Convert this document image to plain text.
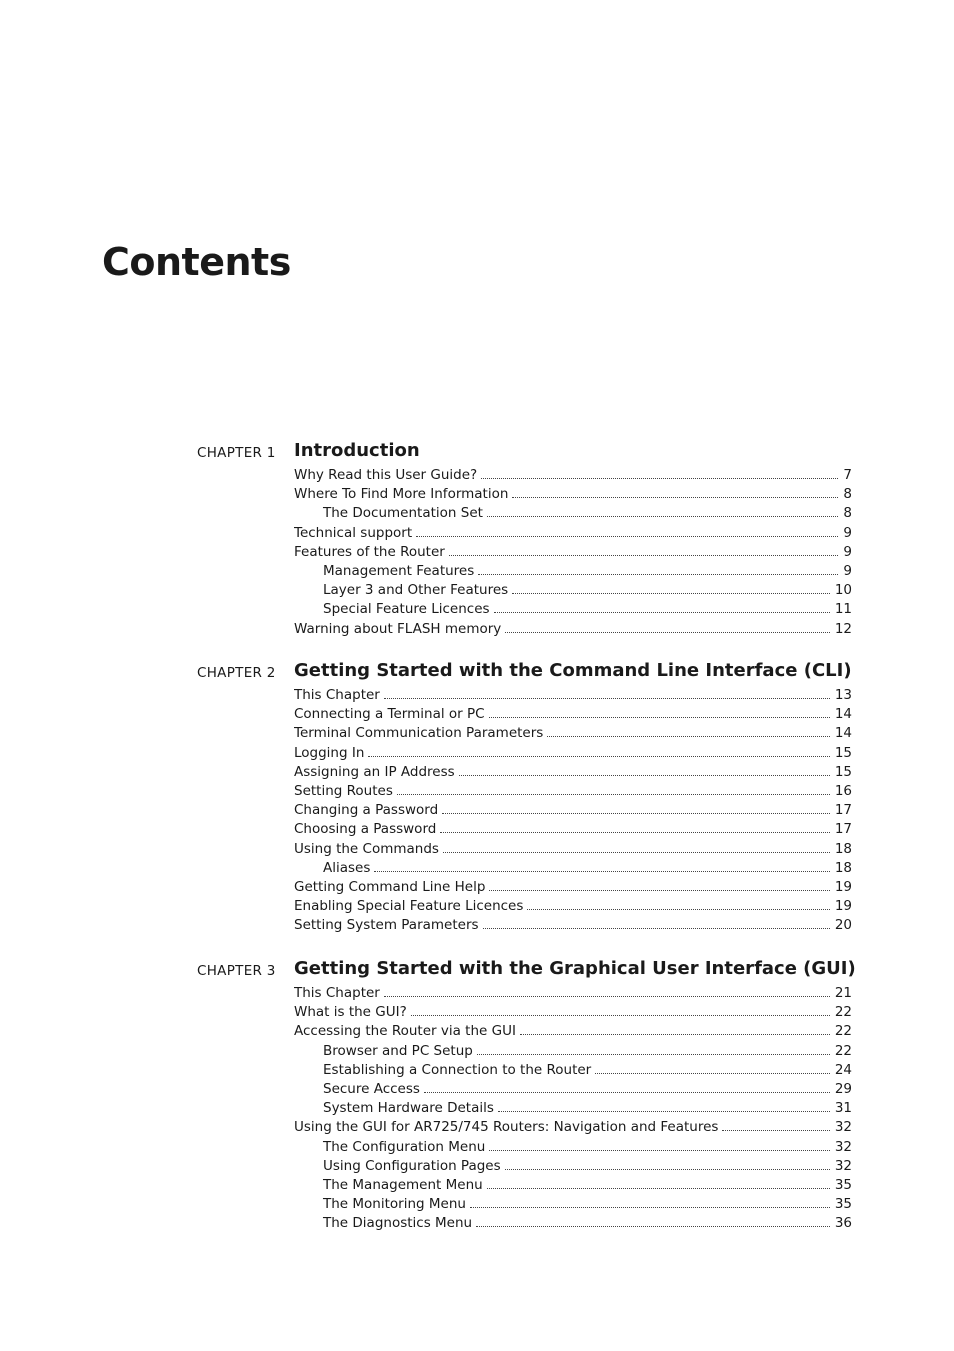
Contents
CHAPTER 1 Introduction
Why Read this User Guide?	7
Where To Find More Information	8
The Documentation Set	8
Technical support	9
Features of the Router	9
Management Features	9
Layer 3 and Other Features	10
Special Feature Licences	11
Warning about FLASH memory	12
CHAPTER 2 Getting Started with the Command Line Interface (CLI)
This Chapter	13
Connecting a Terminal or PC	14
Terminal Communication Parameters	14
Logging In	15
Assigning an IP Address	15
Setting Routes	16
Changing a Password	17
Choosing a Password	17
Using the Commands	18
Aliases	18
Getting Command Line Help	19
Enabling Special Feature Licences	19
Setting System Parameters	20
CHAPTER 3 Getting Started with the Graphical User Interface (GUI)
This Chapter	21
What is the GUI?	22
Accessing the Router via the GUI	22
Browser and PC Setup	22
Establishing a Connection to the Router	24
Secure Access	29
System Hardware Details	31
Using the GUI for AR725/745 Routers: Navigation and Features	32
The Configuration Menu	32
Using Configuration Pages	32
The Management Menu	35
The Monitoring Menu	35
The Diagnostics Menu	36
